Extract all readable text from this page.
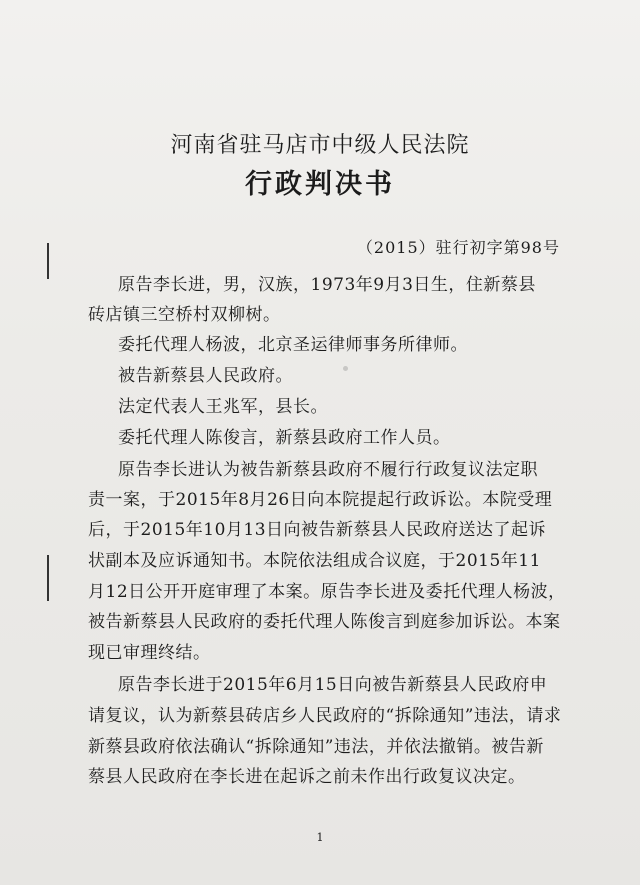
河南省驻马店市中级人民法院
行政判决书
（2015）驻行初字第98号
原告李长进，男，汉族，1973年9月3日生，住新蔡县
砖店镇三空桥村双柳树。
委托代理人杨波，北京圣运律师事务所律师。
被告新蔡县人民政府。
法定代表人王兆军，县长。
委托代理人陈俊言，新蔡县政府工作人员。
原告李长进认为被告新蔡县政府不履行行政复议法定职
责一案，于2015年8月26日向本院提起行政诉讼。本院受理
后，于2015年10月13日向被告新蔡县人民政府送达了起诉
状副本及应诉通知书。本院依法组成合议庭，于2015年11
月12日公开开庭审理了本案。原告李长进及委托代理人杨波，
被告新蔡县人民政府的委托代理人陈俊言到庭参加诉讼。本案
现已审理终结。
原告李长进于2015年6月15日向被告新蔡县人民政府申
请复议，认为新蔡县砖店乡人民政府的“拆除通知”违法，请求
新蔡县政府依法确认“拆除通知”违法，并依法撤销。被告新
蔡县人民政府在李长进在起诉之前未作出行政复议决定。
1
